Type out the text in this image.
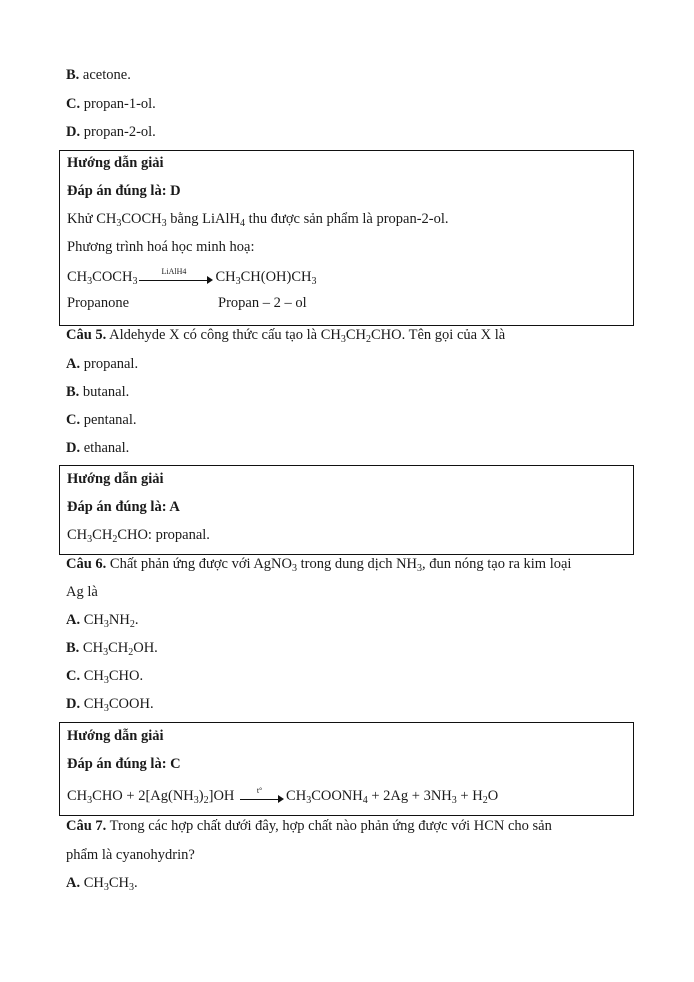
B. acetone.
C. propan-1-ol.
D. propan-2-ol.
Hướng dẫn giải
Đáp án đúng là: D
Khử $CH_3COCH_3$ bằng LiAlH$_4$ thu được sản phẩm là propan-2-ol.
Phương trình hoá học minh hoạ:
$CH_3COCH_3$
LiAlH4	$CH_3CH(OH)CH_3$
Propanone	Propan – 2 – ol
Câu 5. Aldehyde X có công thức cấu tạo là $CH_3CH_2CHO$. Tên gọi của X là
A. propanal.
B. butanal.
C. pentanal.
D. ethanal.
Hướng dẫn giải
Đáp án đúng là: A
$CH_3CH_2CHO$: propanal.
Câu 6. Chất phản ứng được với AgNO$_3$ trong dung dịch $NH_3$, đun nóng tạo ra kim loại
Ag là
A. $CH_3NH_2$.
B. $CH_3CH_2OH$.
C. $CH_3CHO$.
D. $CH_3COOH$.
Hướng dẫn giải
Đáp án đúng là: C
$CH_3CHO + 2[Ag(NH_3)_2]OH$	t°	$CH_3COONH_4 + 2Ag + 3NH_3 + H_2O$
Câu 7. Trong các hợp chất dưới đây, hợp chất nào phản ứng được với HCN cho sản
phẩm là cyanohydrin?
A. $CH_3CH_3$.
